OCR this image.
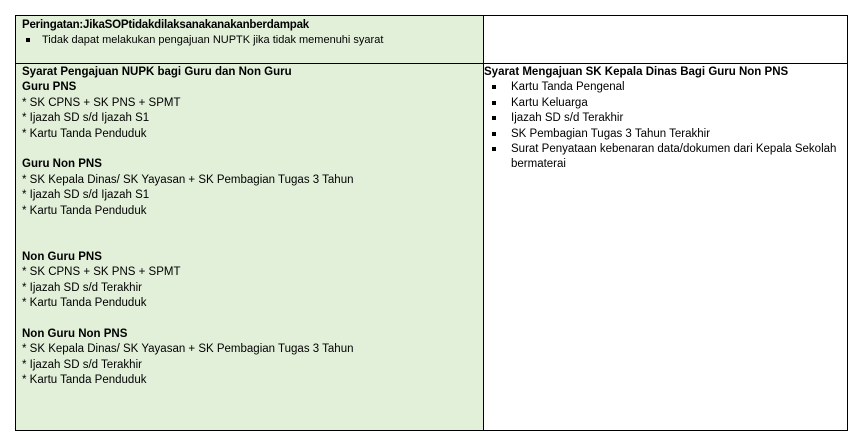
Peringatan:JikaSOPtidakdilaksanakanakanberdampak
Tidak dapat melakukan pengajuan NUPTK jika tidak memenuhi syarat
Syarat Pengajuan NUPK bagi Guru dan Non Guru
Guru PNS
* SK CPNS + SK PNS + SPMT
* Ijazah SD s/d Ijazah S1
* Kartu Tanda Penduduk
Guru Non PNS
* SK Kepala Dinas/ SK Yayasan + SK Pembagian Tugas 3 Tahun
* Ijazah SD s/d Ijazah S1
* Kartu Tanda Penduduk
Non Guru PNS
* SK CPNS + SK PNS + SPMT
* Ijazah SD s/d Terakhir
* Kartu Tanda Penduduk
Non Guru Non PNS
* SK Kepala Dinas/ SK Yayasan + SK Pembagian Tugas 3 Tahun
* Ijazah SD s/d Terakhir
* Kartu Tanda Penduduk
Syarat Mengajuan SK Kepala Dinas Bagi Guru Non PNS
Kartu Tanda Pengenal
Kartu Keluarga
Ijazah SD s/d Terakhir
SK Pembagian Tugas 3 Tahun Terakhir
Surat Penyataan kebenaran data/dokumen dari Kepala Sekolah
bermaterai
